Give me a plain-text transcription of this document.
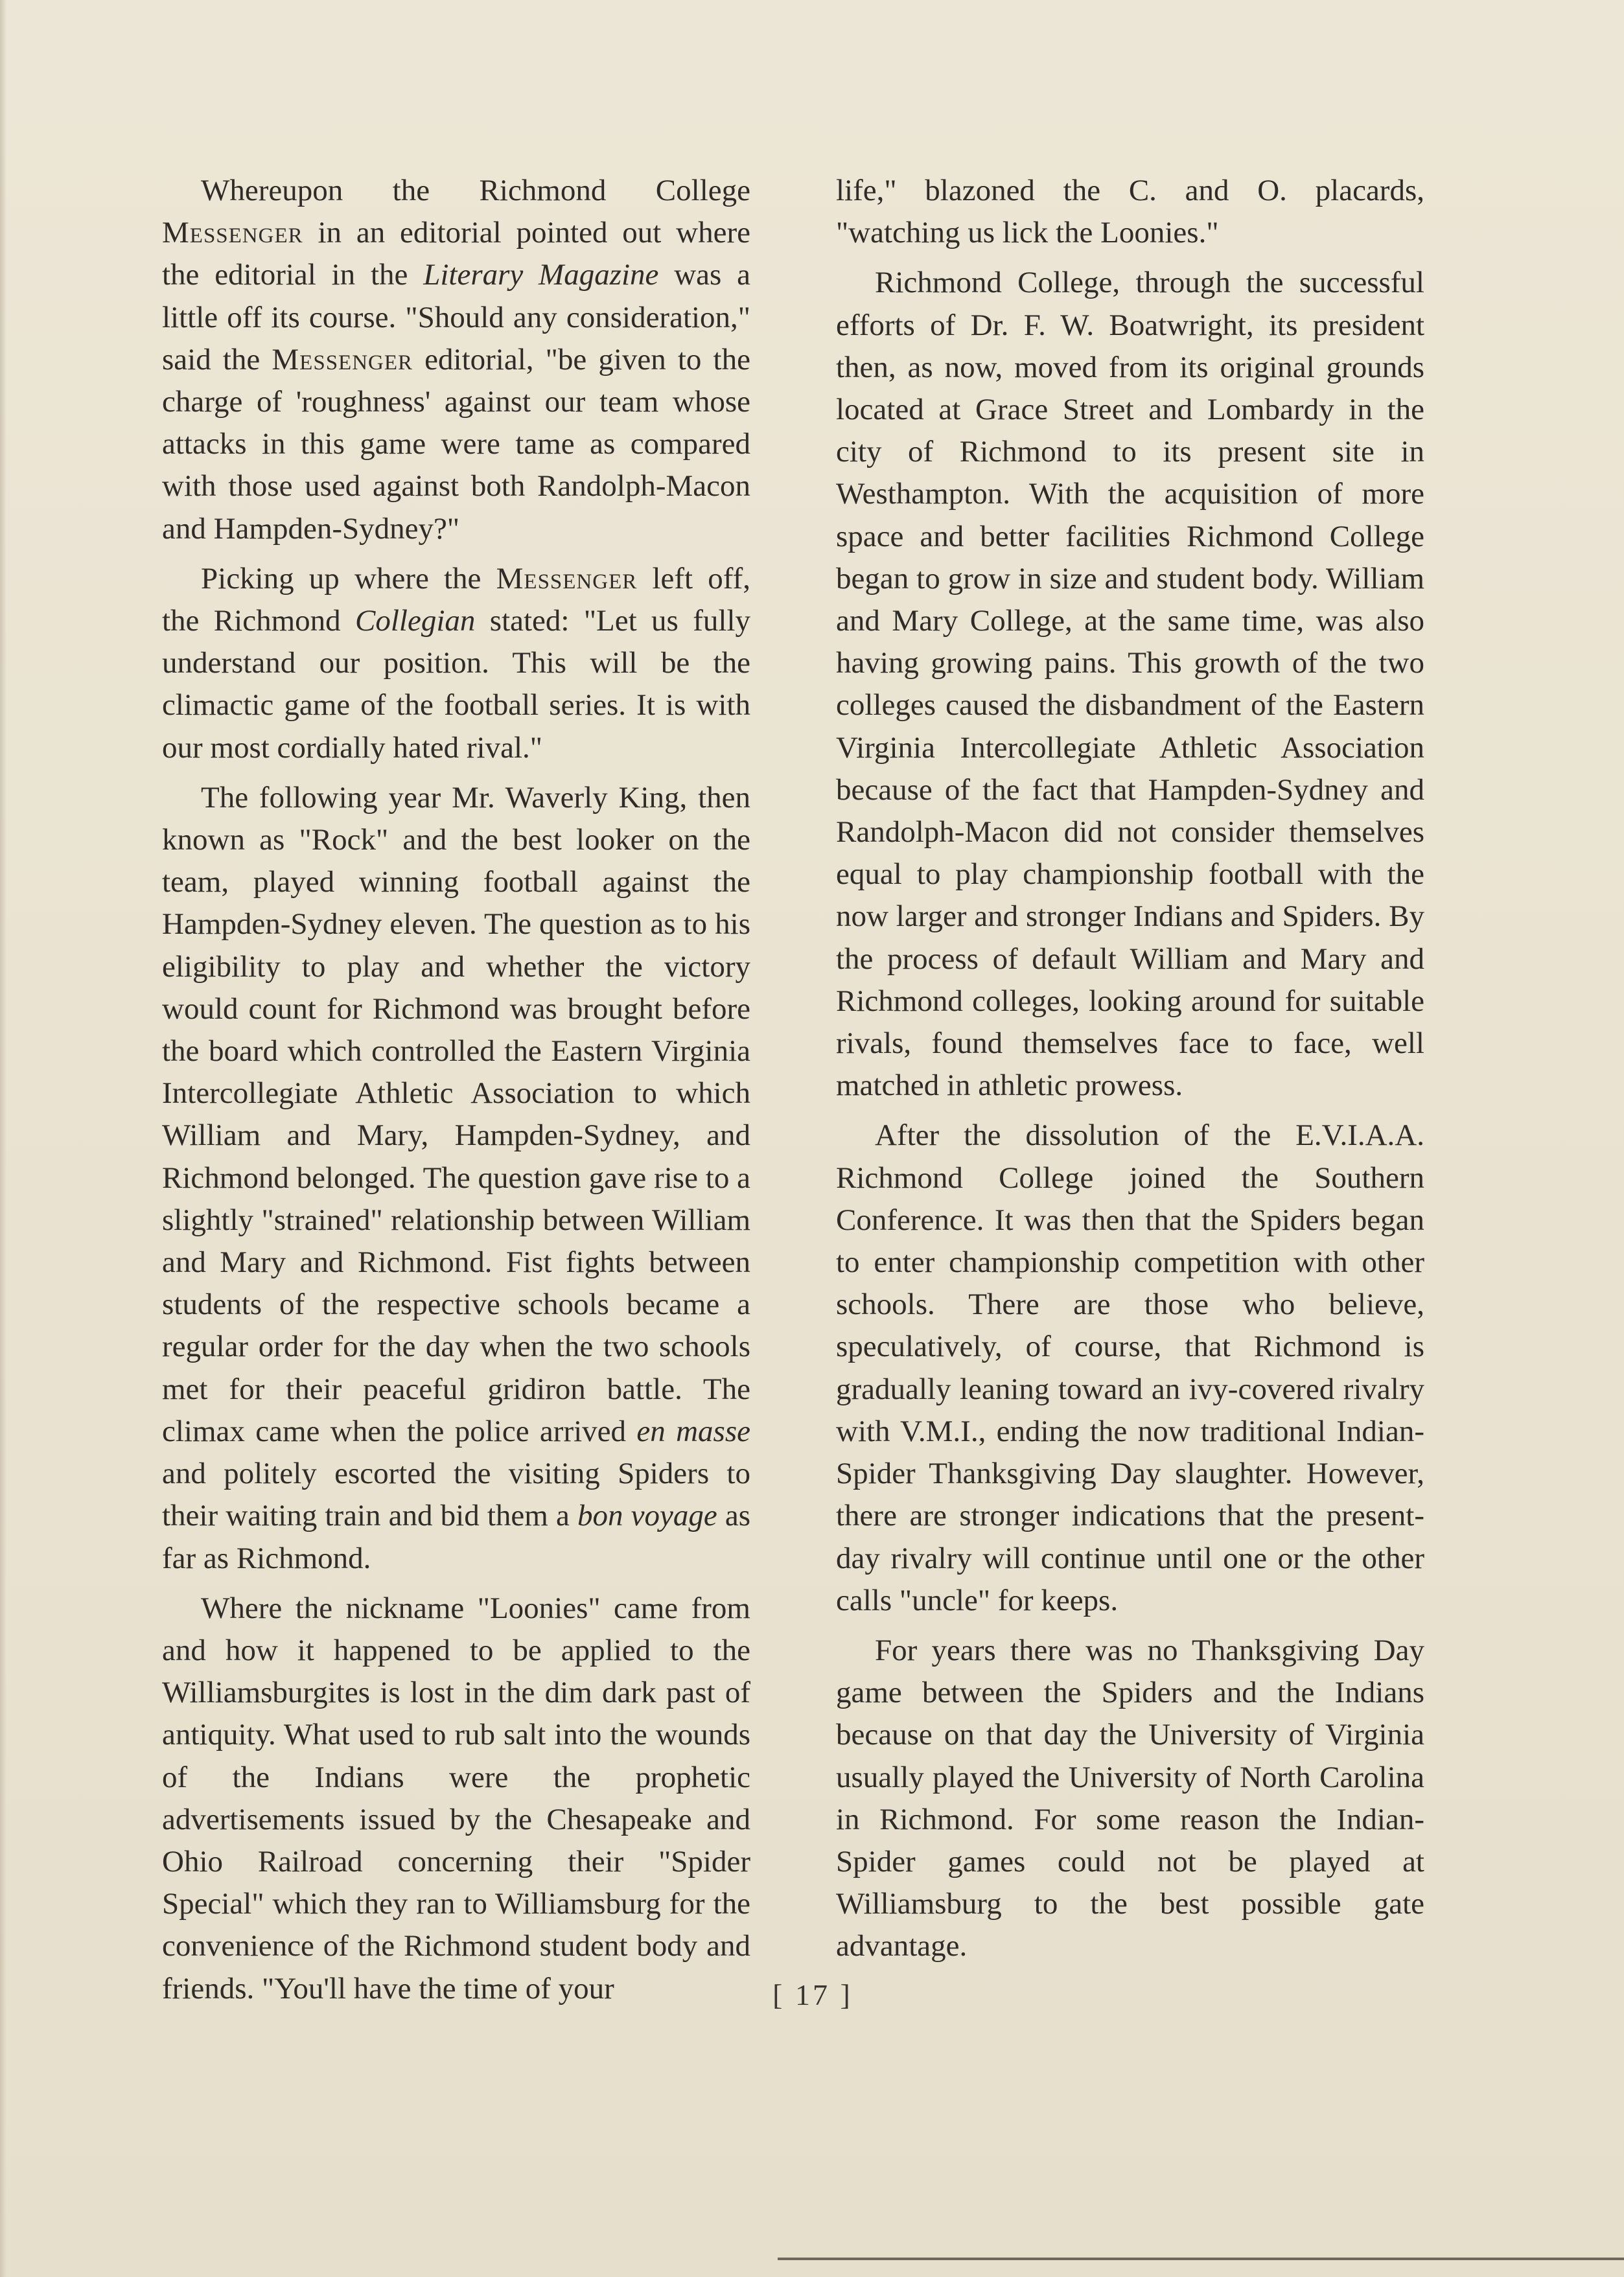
Whereupon the Richmond College Messenger in an editorial pointed out where the editorial in the Literary Magazine was a little off its course. "Should any consideration," said the Messenger editorial, "be given to the charge of 'roughness' against our team whose attacks in this game were tame as compared with those used against both Randolph-Macon and Hampden-Sydney?"

Picking up where the Messenger left off, the Richmond Collegian stated: "Let us fully understand our position. This will be the climactic game of the football series. It is with our most cordially hated rival."

The following year Mr. Waverly King, then known as "Rock" and the best looker on the team, played winning football against the Hampden-Sydney eleven. The question as to his eligibility to play and whether the victory would count for Richmond was brought before the board which controlled the Eastern Virginia Intercollegiate Athletic Association to which William and Mary, Hampden-Sydney, and Richmond belonged. The question gave rise to a slightly "strained" relationship between William and Mary and Richmond. Fist fights between students of the respective schools became a regular order for the day when the two schools met for their peaceful gridiron battle. The climax came when the police arrived en masse and politely escorted the visiting Spiders to their waiting train and bid them a bon voyage as far as Richmond.

Where the nickname "Loonies" came from and how it happened to be applied to the Williamsburgites is lost in the dim dark past of antiquity. What used to rub salt into the wounds of the Indians were the prophetic advertisements issued by the Chesapeake and Ohio Railroad concerning their "Spider Special" which they ran to Williamsburg for the convenience of the Richmond student body and friends. "You'll have the time of your

life," blazoned the C. and O. placards, "watching us lick the Loonies."

Richmond College, through the successful efforts of Dr. F. W. Boatwright, its president then, as now, moved from its original grounds located at Grace Street and Lombardy in the city of Richmond to its present site in Westhampton. With the acquisition of more space and better facilities Richmond College began to grow in size and student body. William and Mary College, at the same time, was also having growing pains. This growth of the two colleges caused the disbandment of the Eastern Virginia Intercollegiate Athletic Association because of the fact that Hampden-Sydney and Randolph-Macon did not consider themselves equal to play championship football with the now larger and stronger Indians and Spiders. By the process of default William and Mary and Richmond colleges, looking around for suitable rivals, found themselves face to face, well matched in athletic prowess.

After the dissolution of the E.V.I.A.A. Richmond College joined the Southern Conference. It was then that the Spiders began to enter championship competition with other schools. There are those who believe, speculatively, of course, that Richmond is gradually leaning toward an ivy-covered rivalry with V.M.I., ending the now traditional Indian-Spider Thanksgiving Day slaughter. However, there are stronger indications that the present-day rivalry will continue until one or the other calls "uncle" for keeps.

For years there was no Thanksgiving Day game between the Spiders and the Indians because on that day the University of Virginia usually played the University of North Carolina in Richmond. For some reason the Indian-Spider games could not be played at Williamsburg to the best possible gate advantage.

[ 17 ]
